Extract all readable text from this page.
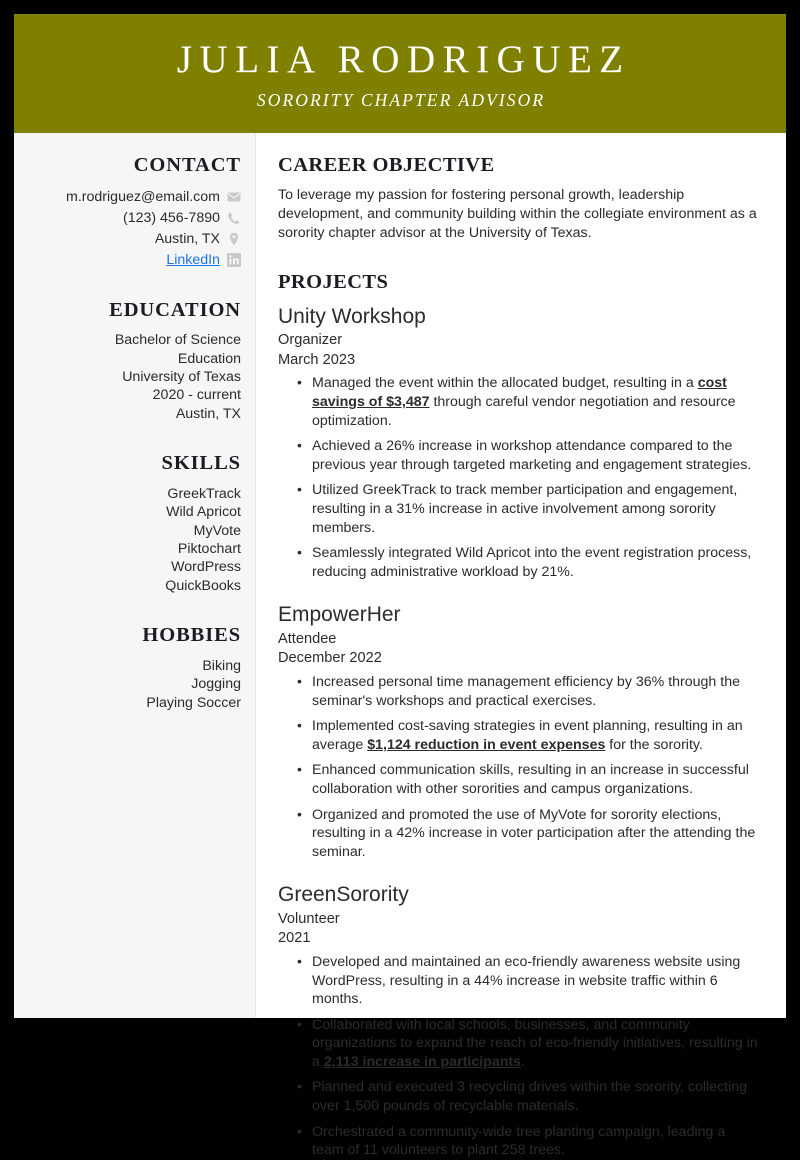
JULIA RODRIGUEZ
SORORITY CHAPTER ADVISOR
CONTACT
m.rodriguez@email.com
(123) 456-7890
Austin, TX
LinkedIn
EDUCATION
Bachelor of Science
Education
University of Texas
2020 - current
Austin, TX
SKILLS
GreekTrack
Wild Apricot
MyVote
Piktochart
WordPress
QuickBooks
HOBBIES
Biking
Jogging
Playing Soccer
CAREER OBJECTIVE

To leverage my passion for fostering personal growth, leadership development, and community building within the collegiate environment as a sorority chapter advisor at the University of Texas.

PROJECTS
Unity Workshop
Organizer
March 2023
• Managed the event within the allocated budget, resulting in a cost savings of $3,487 through careful vendor negotiation and resource optimization.
• Achieved a 26% increase in workshop attendance compared to the previous year through targeted marketing and engagement strategies.
• Utilized GreekTrack to track member participation and engagement, resulting in a 31% increase in active involvement among sorority members.
• Seamlessly integrated Wild Apricot into the event registration process, reducing administrative workload by 21%.
EmpowerHer
Attendee
December 2022
• Increased personal time management efficiency by 36% through the seminar's workshops and practical exercises.
• Implemented cost-saving strategies in event planning, resulting in an average $1,124 reduction in event expenses for the sorority.
• Enhanced communication skills, resulting in an increase in successful collaboration with other sororities and campus organizations.
• Organized and promoted the use of MyVote for sorority elections, resulting in a 42% increase in voter participation after the attending the seminar.
GreenSorority
Volunteer
2021
• Developed and maintained an eco-friendly awareness website using WordPress, resulting in a 44% increase in website traffic within 6 months.
• Collaborated with local schools, businesses, and community organizations to expand the reach of eco-friendly initiatives, resulting in a 2,113 increase in participants.
• Planned and executed 3 recycling drives within the sorority, collecting over 1,500 pounds of recyclable materials.
• Orchestrated a community-wide tree planting campaign, leading a team of 11 volunteers to plant 258 trees.
